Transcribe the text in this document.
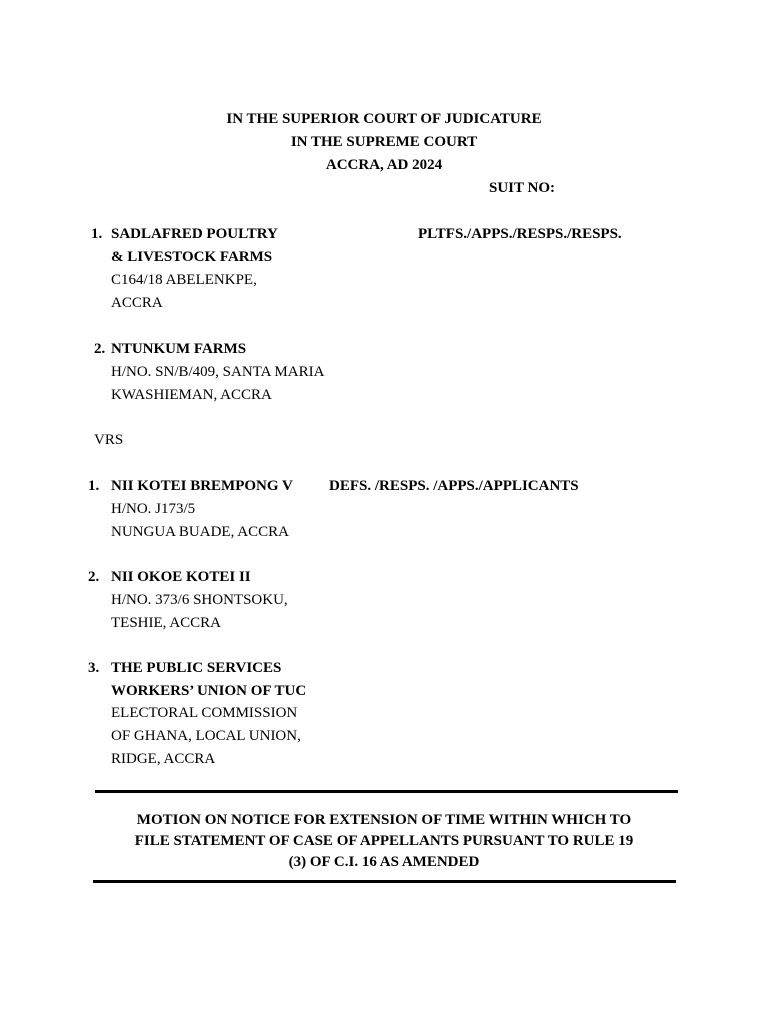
IN THE SUPERIOR COURT OF JUDICATURE
IN THE SUPREME COURT
ACCRA, AD 2024
SUIT NO:
1. SADLAFRED POULTRY	PLTFS./APPS./RESPS./RESPS.
& LIVESTOCK FARMS
C164/18 ABELENKPE,
ACCRA
2. NTUNKUM FARMS
H/NO. SN/B/409, SANTA MARIA
KWASHIEMAN, ACCRA
VRS
1. NII KOTEI BREMPONG V DEFS. /RESPS. /APPS./APPLICANTS
H/NO. J173/5
NUNGUA BUADE, ACCRA
2. NII OKOE KOTEI II
H/NO. 373/6 SHONTSOKU,
TESHIE, ACCRA
3. THE PUBLIC SERVICES
WORKERS’ UNION OF TUC
ELECTORAL COMMISSION
OF GHANA, LOCAL UNION,
RIDGE, ACCRA
MOTION ON NOTICE FOR EXTENSION OF TIME WITHIN WHICH TO
FILE STATEMENT OF CASE OF APPELLANTS PURSUANT TO RULE 19
(3) OF C.I. 16 AS AMENDED
